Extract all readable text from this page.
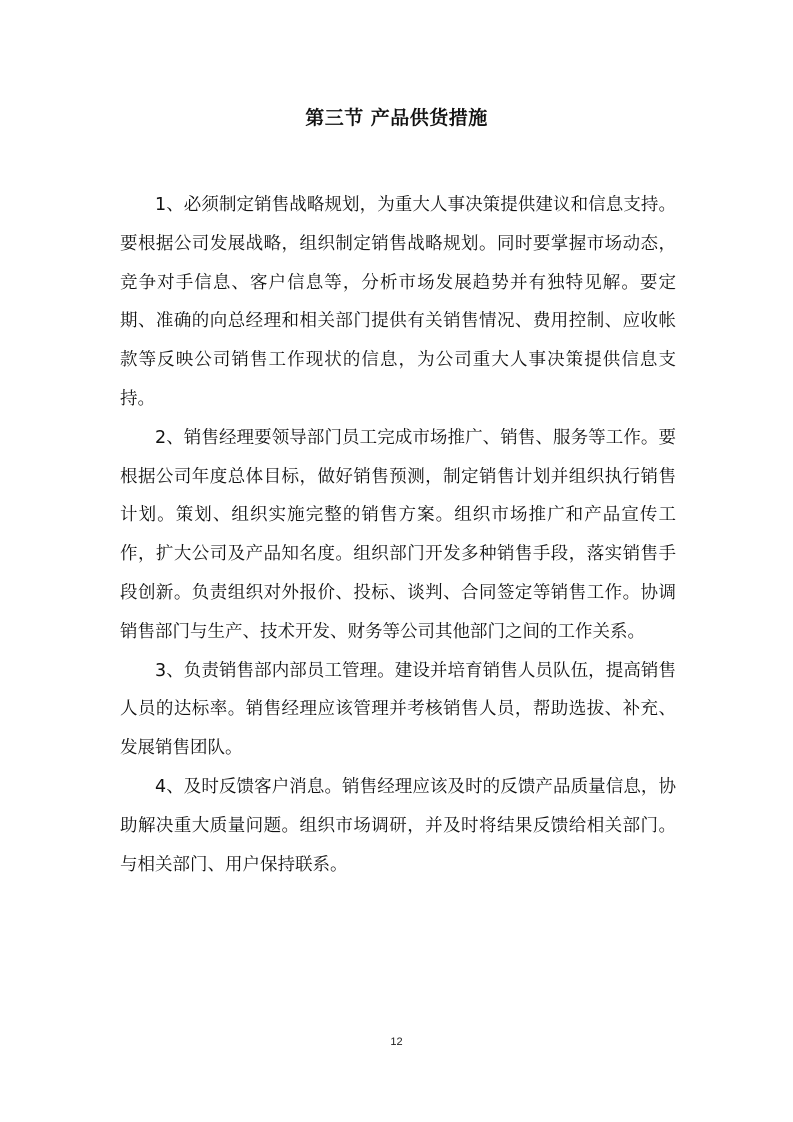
第三节 产品供货措施

1、必须制定销售战略规划，为重大人事决策提供建议和信息支持。要根据公司发展战略，组织制定销售战略规划。同时要掌握市场动态，竞争对手信息、客户信息等，分析市场发展趋势并有独特见解。要定期、准确的向总经理和相关部门提供有关销售情况、费用控制、应收帐款等反映公司销售工作现状的信息，为公司重大人事决策提供信息支持。

2、销售经理要领导部门员工完成市场推广、销售、服务等工作。要根据公司年度总体目标，做好销售预测，制定销售计划并组织执行销售计划。策划、组织实施完整的销售方案。组织市场推广和产品宣传工作，扩大公司及产品知名度。组织部门开发多种销售手段，落实销售手段创新。负责组织对外报价、投标、谈判、合同签定等销售工作。协调销售部门与生产、技术开发、财务等公司其他部门之间的工作关系。

3、负责销售部内部员工管理。建设并培育销售人员队伍，提高销售人员的达标率。销售经理应该管理并考核销售人员，帮助选拔、补充、发展销售团队。

4、及时反馈客户消息。销售经理应该及时的反馈产品质量信息，协助解决重大质量问题。组织市场调研，并及时将结果反馈给相关部门。与相关部门、用户保持联系。

12
